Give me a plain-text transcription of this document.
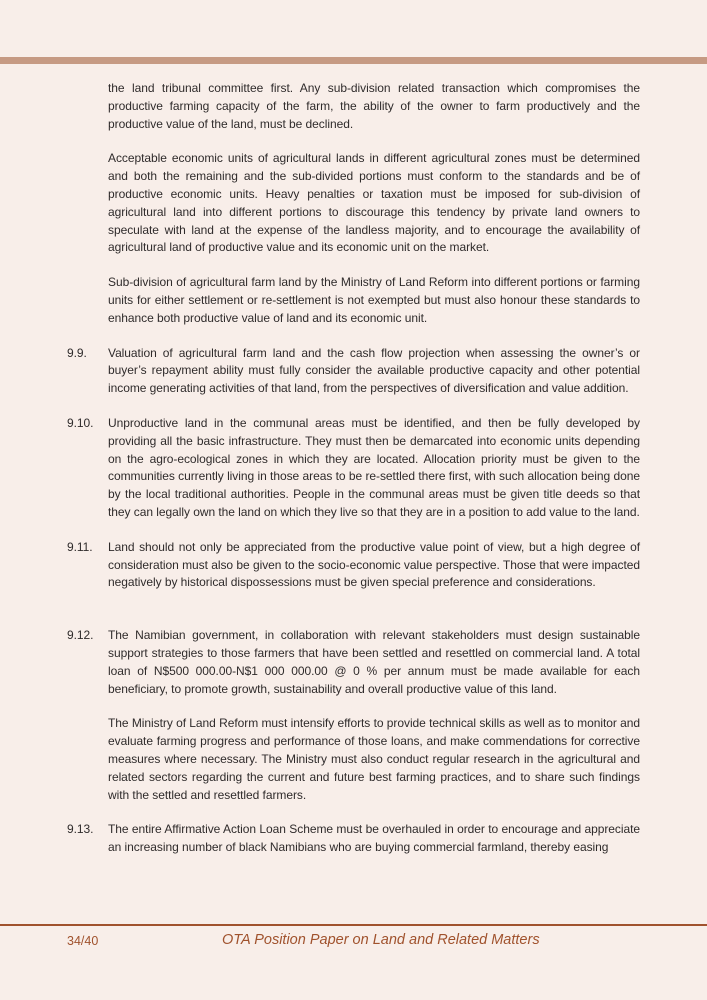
the land tribunal committee first. Any sub-division related transaction which compromises the productive farming capacity of the farm, the ability of the owner to farm productively and the productive value of the land, must be declined.

Acceptable economic units of agricultural lands in different agricultural zones must be determined and both the remaining and the sub-divided portions must conform to the standards and be of productive economic units. Heavy penalties or taxation must be imposed for sub-division of agricultural land into different portions to discourage this tendency by private land owners to speculate with land at the expense of the landless majority, and to encourage the availability of agricultural land of productive value and its economic unit on the market.

Sub-division of agricultural farm land by the Ministry of Land Reform into different portions or farming units for either settlement or re-settlement is not exempted but must also honour these standards to enhance both productive value of land and its economic unit.

9.9.	Valuation of agricultural farm land and the cash flow projection when assessing the owner’s or buyer’s repayment ability must fully consider the available productive capacity and other potential income generating activities of that land, from the perspectives of diversification and value addition.
9.10.	Unproductive land in the communal areas must be identified, and then be fully developed by providing all the basic infrastructure. They must then be demarcated into economic units depending on the agro-ecological zones in which they are located. Allocation priority must be given to the communities currently living in those areas to be re-settled there first, with such allocation being done by the local traditional authorities. People in the communal areas must be given title deeds so that they can legally own the land on which they live so that they are in a position to add value to the land.
9.11.	Land should not only be appreciated from the productive value point of view, but a high degree of consideration must also be given to the socio-economic value perspective. Those that were impacted negatively by historical dispossessions must be given special preference and considerations.
9.12.	The Namibian government, in collaboration with relevant stakeholders must design sustainable support strategies to those farmers that have been settled and resettled on commercial land. A total loan of N$500 000.00-N$1 000 000.00 @ 0 % per annum must be made available for each beneficiary, to promote growth, sustainability and overall productive value of this land.

The Ministry of Land Reform must intensify efforts to provide technical skills as well as to monitor and evaluate farming progress and performance of those loans, and make commendations for corrective measures where necessary. The Ministry must also conduct regular research in the agricultural and related sectors regarding the current and future best farming practices, and to share such findings with the settled and resettled farmers.

9.13.	The entire Affirmative Action Loan Scheme must be overhauled in order to encourage and appreciate an increasing number of black Namibians who are buying commercial farmland, thereby easing
34/40	OTA Position Paper on Land and Related Matters
